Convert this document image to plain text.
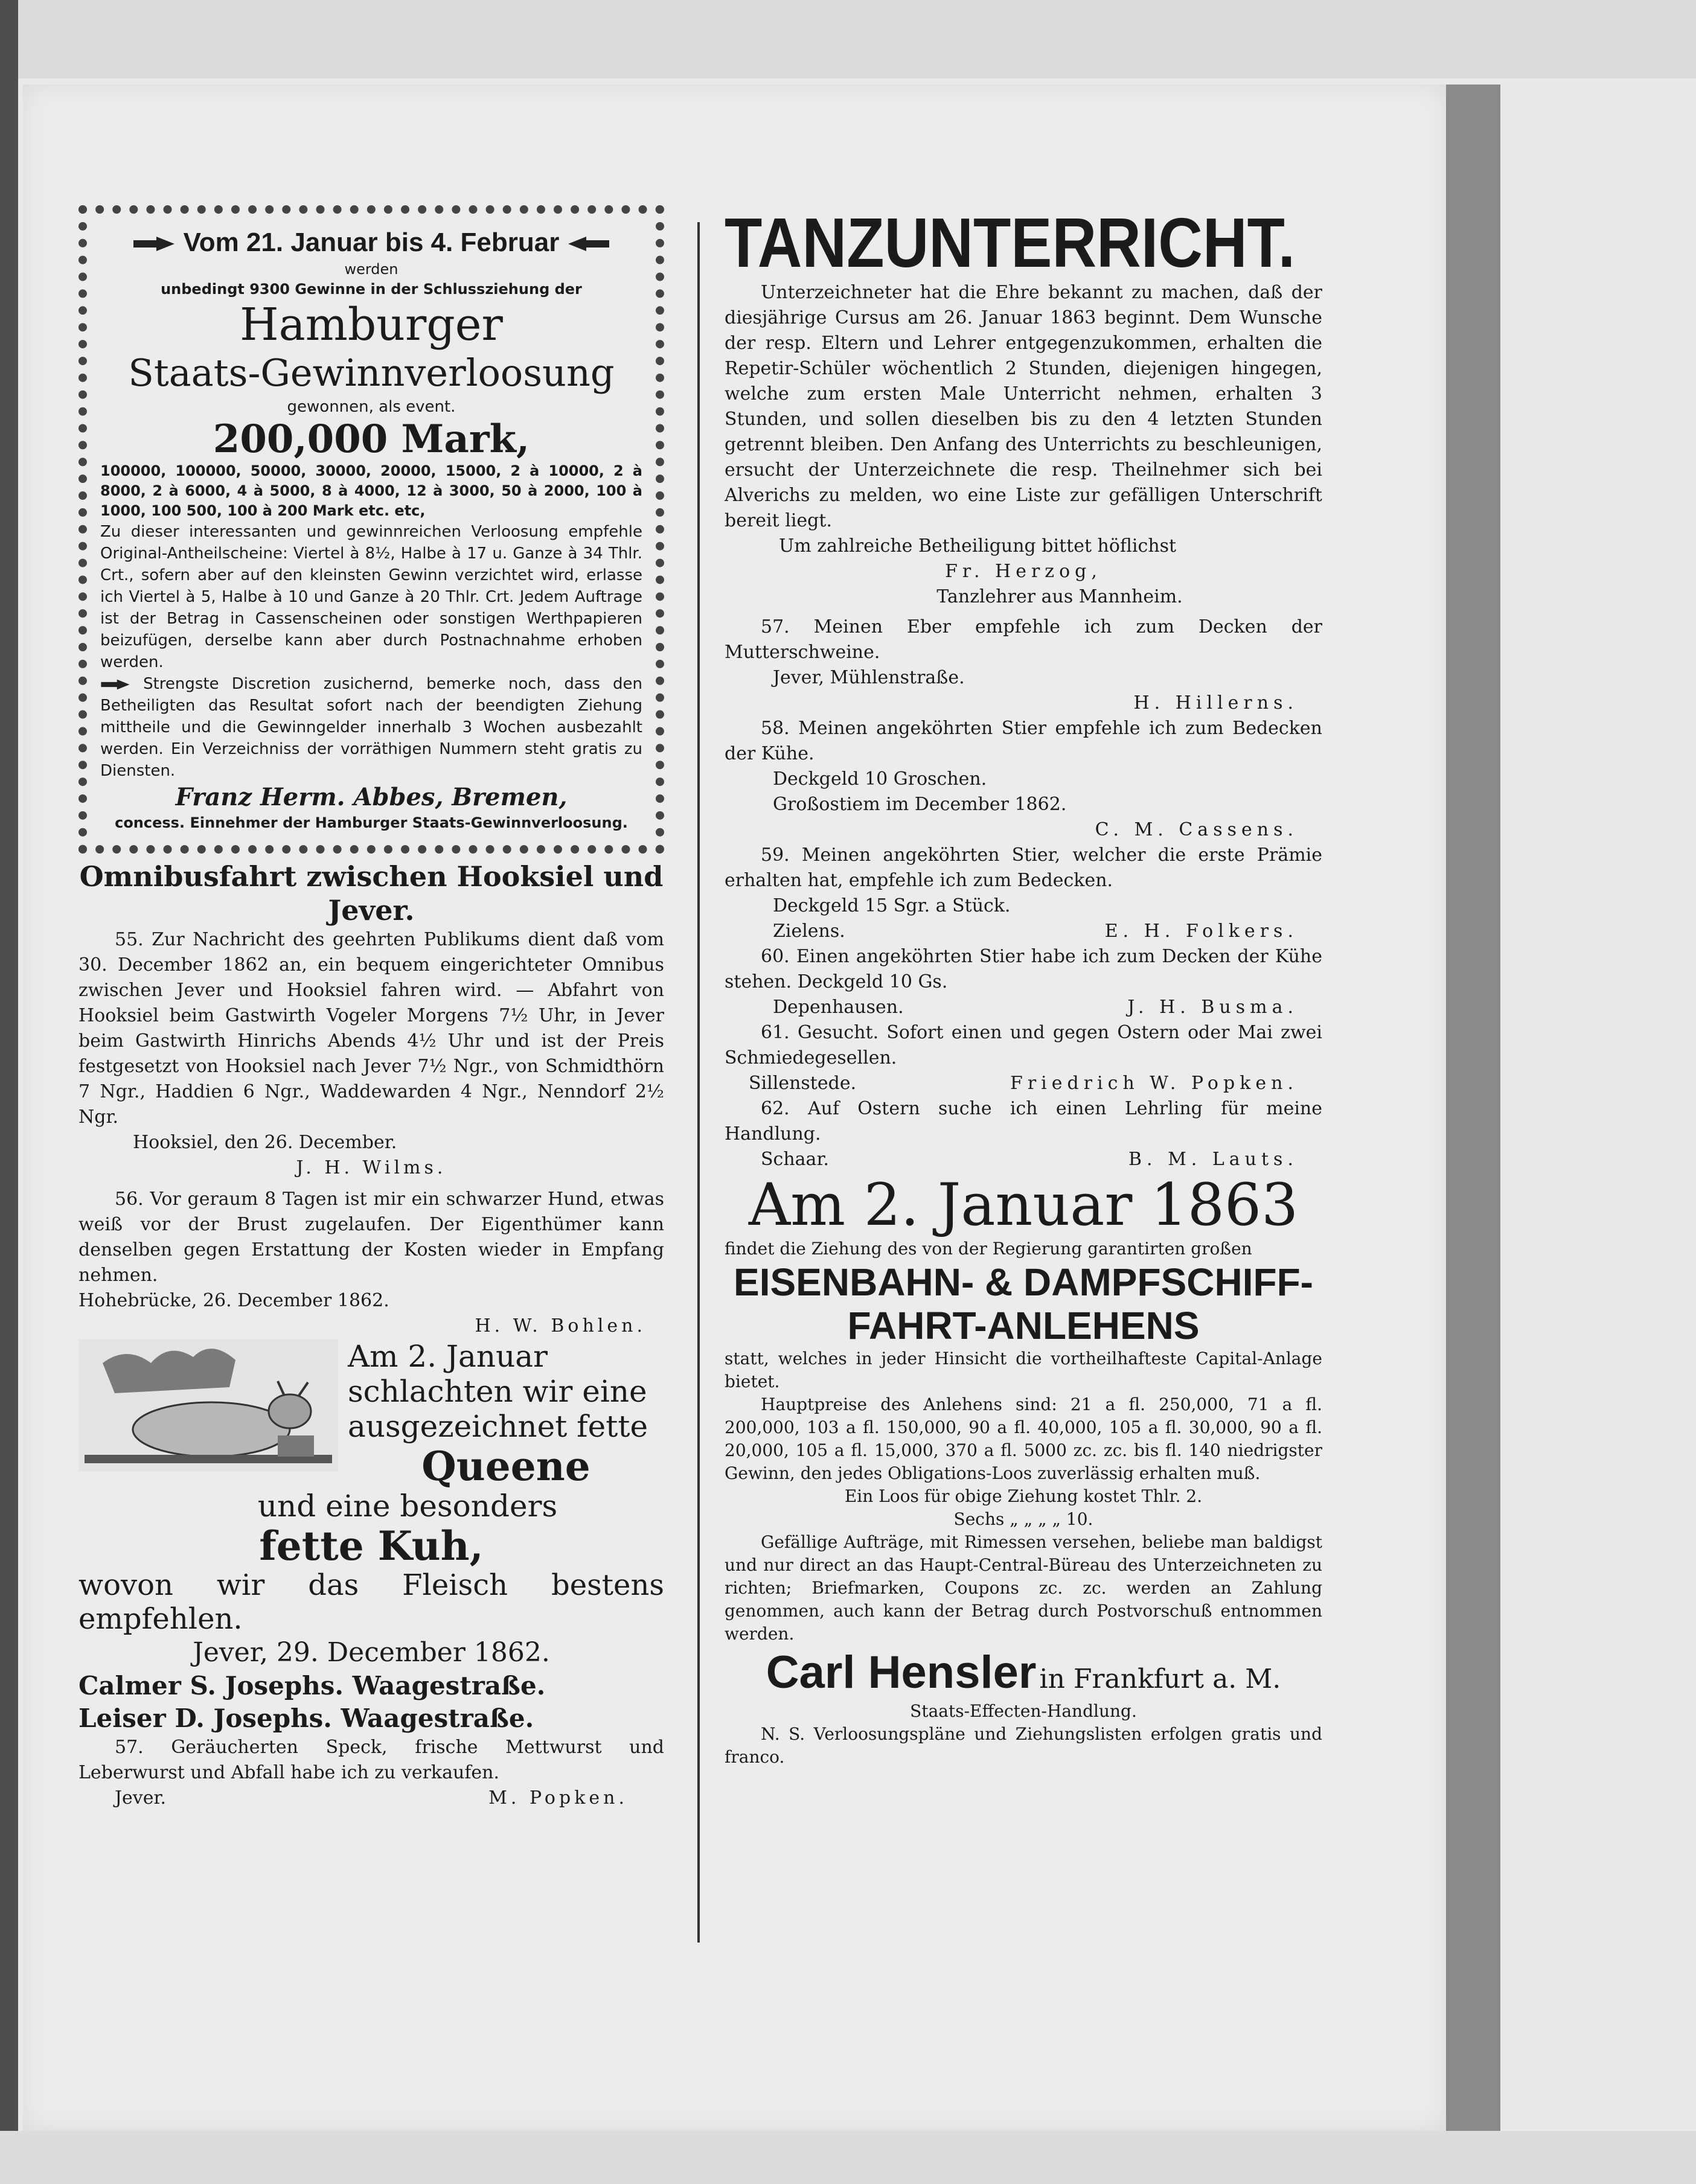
Vom 21. Januar bis 4. Februar

werden

unbedingt 9300 Gewinne in der Schlussziehung der

Hamburger

Staats-Gewinnverloosung

gewonnen, als event.

200,000 Mark,

100000, 100000, 50000, 30000, 20000, 15000, 2 à 10000, 2 à 8000, 2 à 6000, 4 à 5000, 8 à 4000, 12 à 3000, 50 à 2000, 100 à 1000, 100 500, 100 à 200 Mark etc. etc,

Zu dieser interessanten und gewinnreichen Verloosung empfehle Original-Antheilscheine: Viertel à 8½, Halbe à 17 u. Ganze à 34 Thlr. Crt., sofern aber auf den kleinsten Gewinn verzichtet wird, erlasse ich Viertel à 5, Halbe à 10 und Ganze à 20 Thlr. Crt. Jedem Auftrage ist der Betrag in Cassenscheinen oder sonstigen Werthpapieren beizufügen, derselbe kann aber durch Postnachnahme erhoben werden.

Strengste Discretion zusichernd, bemerke noch, dass den Betheiligten das Resultat sofort nach der beendigten Ziehung mittheile und die Gewinngelder innerhalb 3 Wochen ausbezahlt werden. Ein Verzeichniss der vorräthigen Nummern steht gratis zu Diensten.

Franz Herm. Abbes, Bremen,

concess. Einnehmer der Hamburger Staats-Gewinnverloosung.

Omnibusfahrt zwischen Hooksiel und Jever.

55. Zur Nachricht des geehrten Publikums dient daß vom 30. December 1862 an, ein bequem eingerichteter Omnibus zwischen Jever und Hooksiel fahren wird. — Abfahrt von Hooksiel beim Gastwirth Vogeler Morgens 7½ Uhr, in Jever beim Gastwirth Hinrichs Abends 4½ Uhr und ist der Preis festgesetzt von Hooksiel nach Jever 7½ Ngr., von Schmidthörn 7 Ngr., Haddien 6 Ngr., Waddewarden 4 Ngr., Nenndorf 2½ Ngr.

Hooksiel, den 26. December.

J. H. Wilms.

56. Vor geraum 8 Tagen ist mir ein schwarzer Hund, etwas weiß vor der Brust zugelaufen. Der Eigenthümer kann denselben gegen Erstattung der Kosten wieder in Empfang nehmen.

Hohebrücke, 26. December 1862.

H. W. Bohlen.

Am 2. Januar

schlachten wir eine

ausgezeichnet fette

Queene

und eine besonders

fette Kuh,

wovon wir das Fleisch bestens empfehlen.

Jever, 29. December 1862.

Calmer S. Josephs. Waagestraße.

Leiser D. Josephs. Waagestraße.

57. Geräucherten Speck, frische Mettwurst und Leberwurst und Abfall habe ich zu verkaufen.

Jever.	M. Popken.

TANZUNTERRICHT.

Unterzeichneter hat die Ehre bekannt zu machen, daß der diesjährige Cursus am 26. Januar 1863 beginnt. Dem Wunsche der resp. Eltern und Lehrer entgegenzukommen, erhalten die Repetir-Schüler wöchentlich 2 Stunden, diejenigen hingegen, welche zum ersten Male Unterricht nehmen, erhalten 3 Stunden, und sollen dieselben bis zu den 4 letzten Stunden getrennt bleiben. Den Anfang des Unterrichts zu beschleunigen, ersucht der Unterzeichnete die resp. Theilnehmer sich bei Alverichs zu melden, wo eine Liste zur gefälligen Unterschrift bereit liegt.

Um zahlreiche Betheiligung bittet höflichst

Fr. Herzog,

Tanzlehrer aus Mannheim.

57. Meinen Eber empfehle ich zum Decken der Mutterschweine.

Jever, Mühlenstraße.

H. Hillerns.

58. Meinen angeköhrten Stier empfehle ich zum Bedecken der Kühe.

Deckgeld 10 Groschen.

Großostiem im December 1862.

C. M. Cassens.

59. Meinen angeköhrten Stier, welcher die erste Prämie erhalten hat, empfehle ich zum Bedecken.

Deckgeld 15 Sgr. a Stück.

Zielens.	E. H. Folkers.

60. Einen angeköhrten Stier habe ich zum Decken der Kühe stehen. Deckgeld 10 Gs.

Depenhausen.	J. H. Busma.

61. Gesucht. Sofort einen und gegen Ostern oder Mai zwei Schmiedegesellen.

Sillenstede.	Friedrich W. Popken.

62. Auf Ostern suche ich einen Lehrling für meine Handlung.

Schaar.	B. M. Lauts.

Am 2. Januar 1863

findet die Ziehung des von der Regierung garantirten großen

EISENBAHN- & DAMPFSCHIFF-

FAHRT-ANLEHENS

statt, welches in jeder Hinsicht die vortheilhafteste Capital-Anlage bietet.

Hauptpreise des Anlehens sind: 21 a fl. 250,000, 71 a fl. 200,000, 103 a fl. 150,000, 90 a fl. 40,000, 105 a fl. 30,000, 90 a fl. 20,000, 105 a fl. 15,000, 370 a fl. 5000 zc. zc. bis fl. 140 niedrigster Gewinn, den jedes Obligations-Loos zuverlässig erhalten muß.

Ein Loos für obige Ziehung kostet Thlr. 2.

Sechs „ „ „ „ 10.

Gefällige Aufträge, mit Rimessen versehen, beliebe man baldigst und nur direct an das Haupt-Central-Büreau des Unterzeichneten zu richten; Briefmarken, Coupons zc. zc. werden an Zahlung genommen, auch kann der Betrag durch Postvorschuß entnommen werden.

Carl Hensler in Frankfurt a. M.

Staats-Effecten-Handlung.

N. S. Verloosungspläne und Ziehungslisten erfolgen gratis und franco.
